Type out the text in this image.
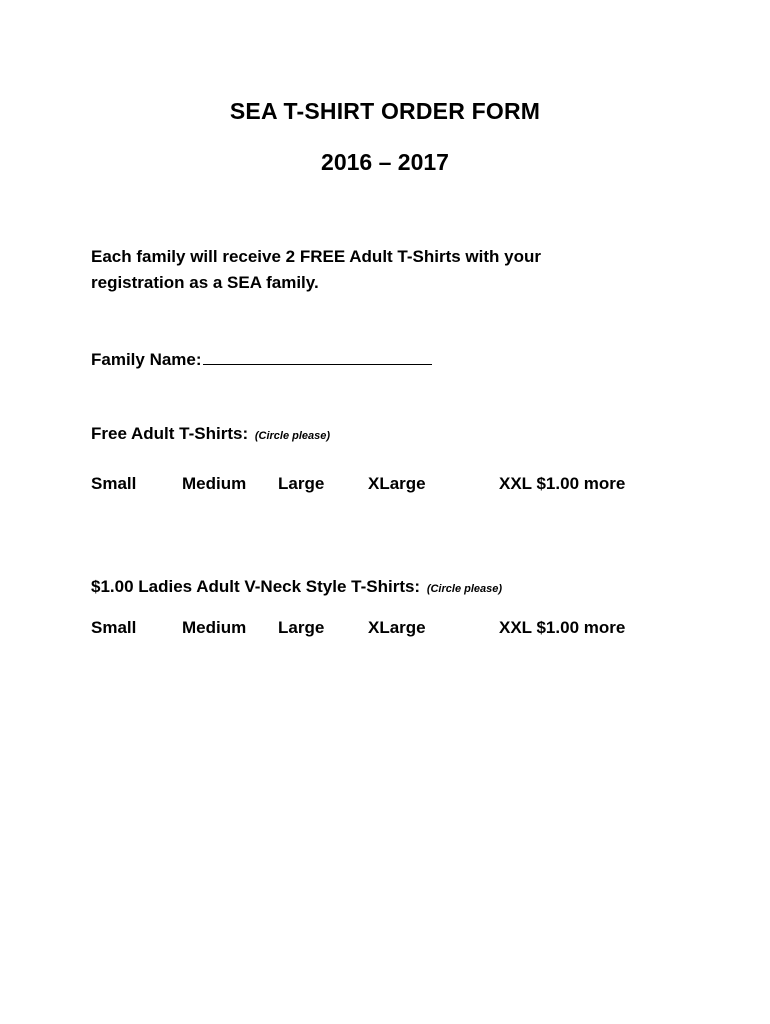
SEA T-SHIRT ORDER FORM
2016 – 2017
Each family will receive 2 FREE Adult T-Shirts with your
registration as a SEA family.
Family Name:
Free Adult T-Shirts: (Circle please)
Small	Medium Large	XLarge	XXL $1.00 more
$1.00 Ladies Adult V-Neck Style T-Shirts: (Circle please)
Small	Medium Large	XLarge	XXL $1.00 more
